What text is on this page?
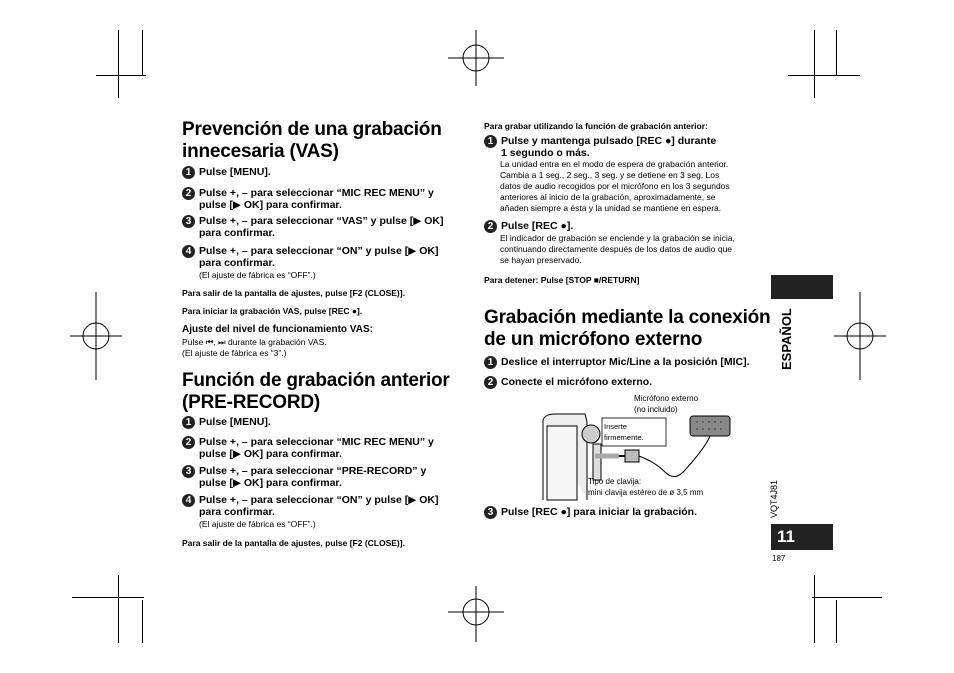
Prevención de una grabación
innecesaria (VAS)
1 Pulse [MENU].
2 Pulse +, – para seleccionar “MIC REC MENU” y
pulse [▶ OK] para confirmar.
3 Pulse +, – para seleccionar “VAS” y pulse [▶ OK]
para confirmar.
4 Pulse +, – para seleccionar “ON” y pulse [▶ OK]
para confirmar.
(El ajuste de fábrica es “OFF”.)
Para salir de la pantalla de ajustes, pulse [F2 (CLOSE)].
Para iniciar la grabación VAS, pulse [REC ●].
Ajuste del nivel de funcionamiento VAS:
Pulse ⏮, ⏭ durante la grabación VAS.
(El ajuste de fábrica es “3”.)
Función de grabación anterior
(PRE-RECORD)
1 Pulse [MENU].
2 Pulse +, – para seleccionar “MIC REC MENU” y
pulse [▶ OK] para confirmar.
3 Pulse +, – para seleccionar “PRE-RECORD” y
pulse [▶ OK] para confirmar.
4 Pulse +, – para seleccionar “ON” y pulse [▶ OK]
para confirmar.
(El ajuste de fábrica es “OFF”.)
Para salir de la pantalla de ajustes, pulse [F2 (CLOSE)].
Para grabar utilizando la función de grabación anterior:
1 Pulse y mantenga pulsado [REC ●] durante
1 segundo o más.
La unidad entra en el modo de espera de grabación anterior.
Cambia a 1 seg., 2 seg., 3 seg. y se detiene en 3 seg. Los
datos de audio recogidos por el micrófono en los 3 segundos
anteriores al inicio de la grabación, aproximadamente, se
añaden siempre a ésta y la unidad se mantiene en espera.
2 Pulse [REC ●].
El indicador de grabación se enciende y la grabación se inicia,
continuando directamente después de los datos de audio que
se hayan preservado.
Para detener: Pulse [STOP ■/RETURN]
Grabación mediante la conexión
de un micrófono externo
1 Deslice el interruptor Mic/Line a la posición [MIC].
2 Conecte el micrófono externo.
Micrófono externo
(no incluido)
Inserte
firmemente.
Tipo de clavija:
mini clavija estéreo de ø 3,5 mm
3 Pulse [REC ●] para iniciar la grabación.
ESPAÑOL
VQT4J81
11
187
